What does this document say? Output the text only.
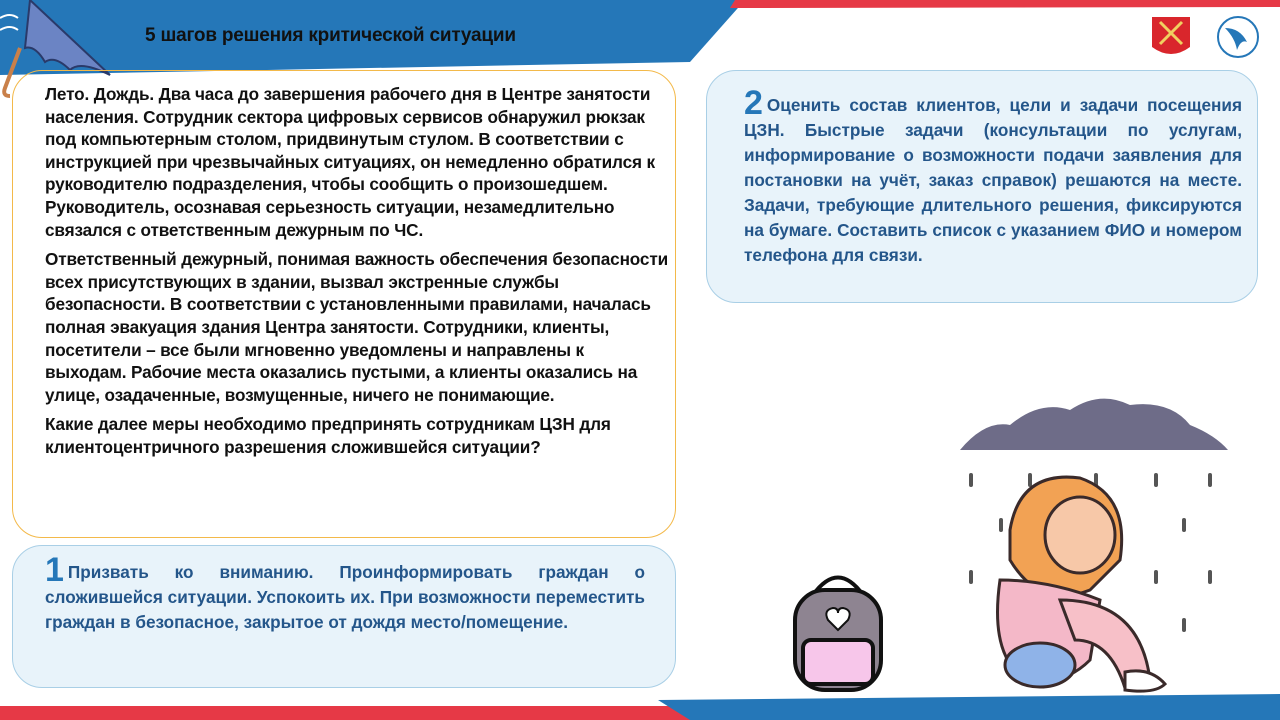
5 шагов решения критической ситуации

Лето. Дождь. Два часа до завершения рабочего дня в Центре занятости населения. Сотрудник сектора цифровых сервисов обнаружил рюкзак под компьютерным столом, придвинутым стулом. В соответствии с инструкцией при чрезвычайных ситуациях, он немедленно обратился к руководителю подразделения, чтобы сообщить о произошедшем. Руководитель, осознавая серьезность ситуации, незамедлительно связался с ответственным дежурным по ЧС.

Ответственный дежурный, понимая важность обеспечения безопасности всех присутствующих в здании, вызвал экстренные службы безопасности. В соответствии с установленными правилами, началась полная эвакуация здания Центра занятости. Сотрудники, клиенты, посетители – все были мгновенно уведомлены и направлены к выходам. Рабочие места оказались пустыми, а клиенты оказались на улице, озадаченные, возмущенные, ничего не понимающие.

Какие далее меры необходимо предпринять сотрудникам ЦЗН для клиентоцентричного разрешения сложившейся ситуации?

1 Призвать ко вниманию. Проинформировать граждан о сложившейся ситуации. Успокоить их. При возможности переместить граждан в безопасное, закрытое от дождя место/помещение.
2 Оценить состав клиентов, цели и задачи посещения ЦЗН. Быстрые задачи (консультации по услугам, информирование о возможности подачи заявления для постановки на учёт, заказ справок) решаются на месте. Задачи, требующие длительного решения, фиксируются на бумаге. Составить список с указанием ФИО и номером телефона для связи.
